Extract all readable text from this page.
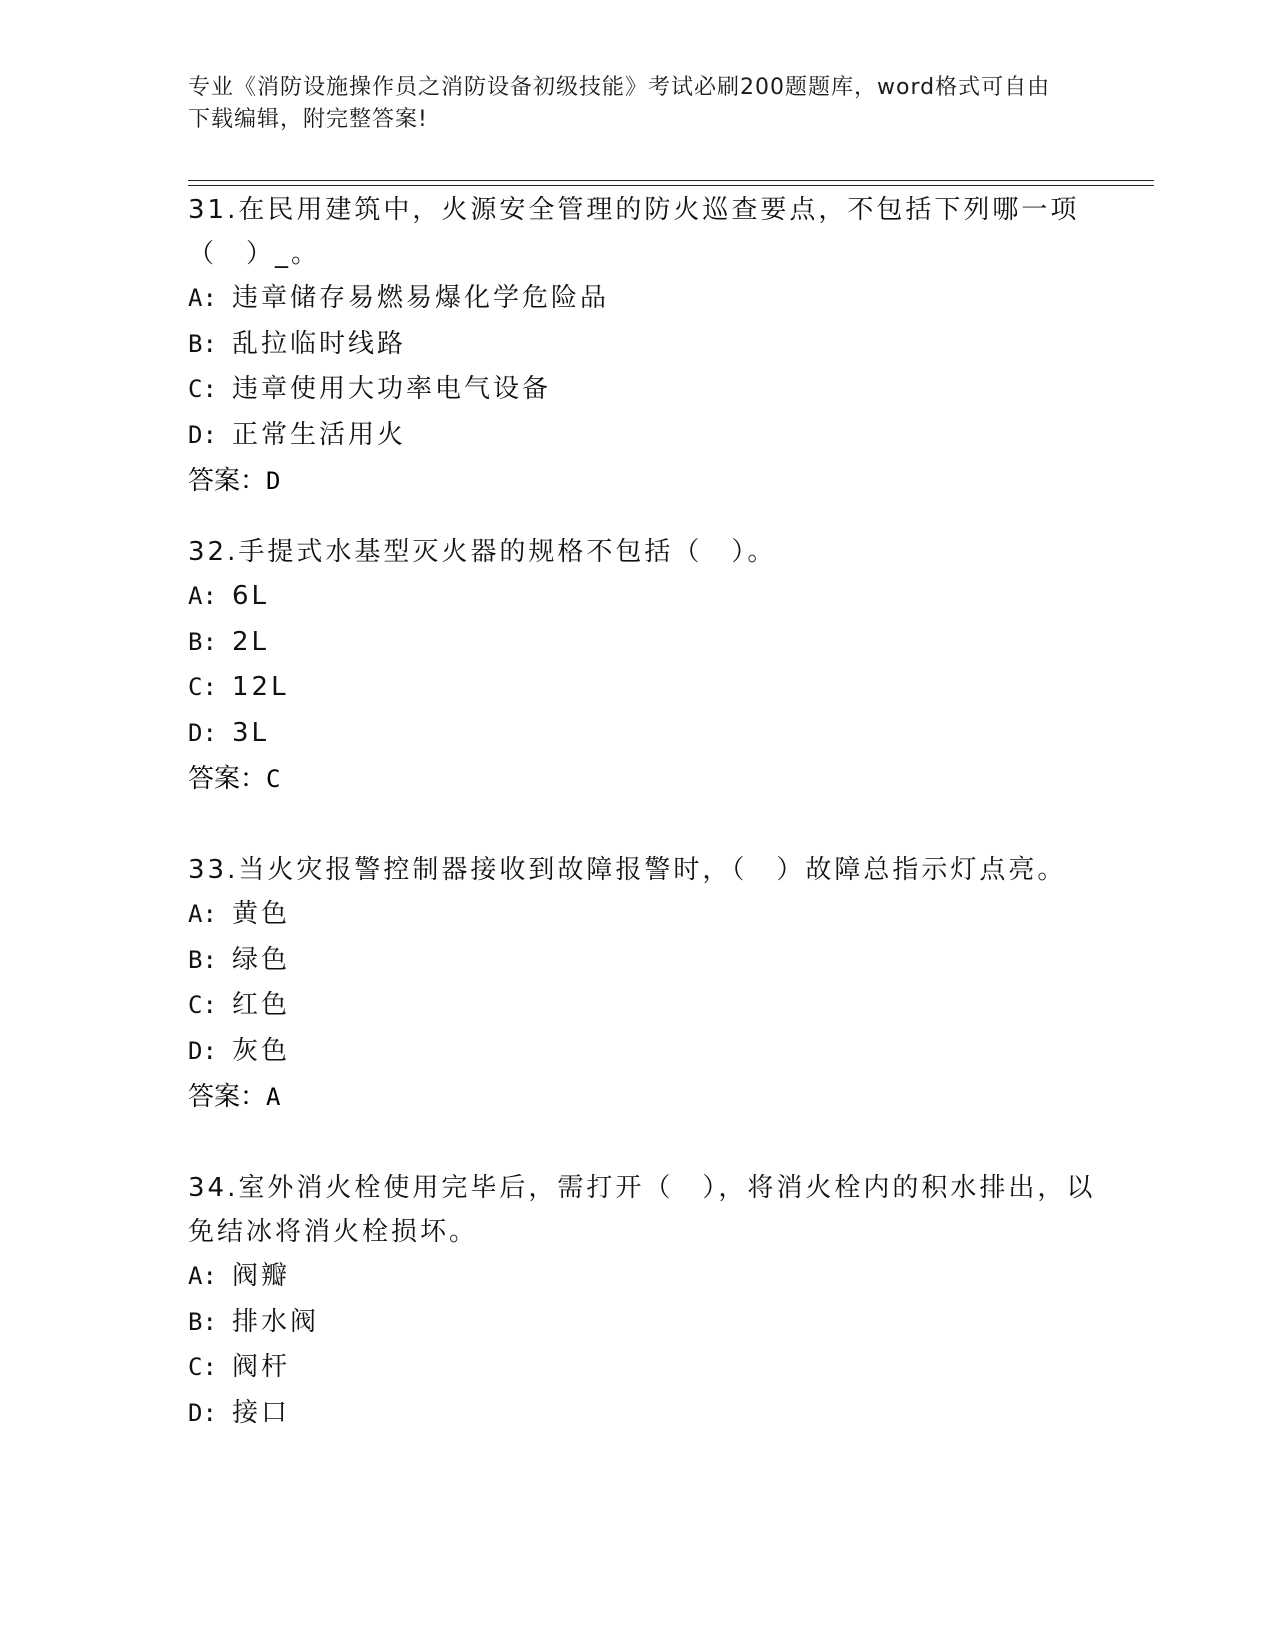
专业《消防设施操作员之消防设备初级技能》考试必刷200题题库，word格式可自由下载编辑，附完整答案!

31.在民用建筑中，火源安全管理的防火巡查要点，不包括下列哪一项（　）_。

A: 违章储存易燃易爆化学危险品
B: 乱拉临时线路
C: 违章使用大功率电气设备
D: 正常生活用火
答案：D

32.手提式水基型灭火器的规格不包括（　）。

A: 6L
B: 2L
C: 12L
D: 3L
答案：C

33.当火灾报警控制器接收到故障报警时，（　）故障总指示灯点亮。

A: 黄色
B: 绿色
C: 红色
D: 灰色
答案：A

34.室外消火栓使用完毕后，需打开（　），将消火栓内的积水排出，以免结冰将消火栓损坏。

A: 阀瓣
B: 排水阀
C: 阀杆
D: 接口
